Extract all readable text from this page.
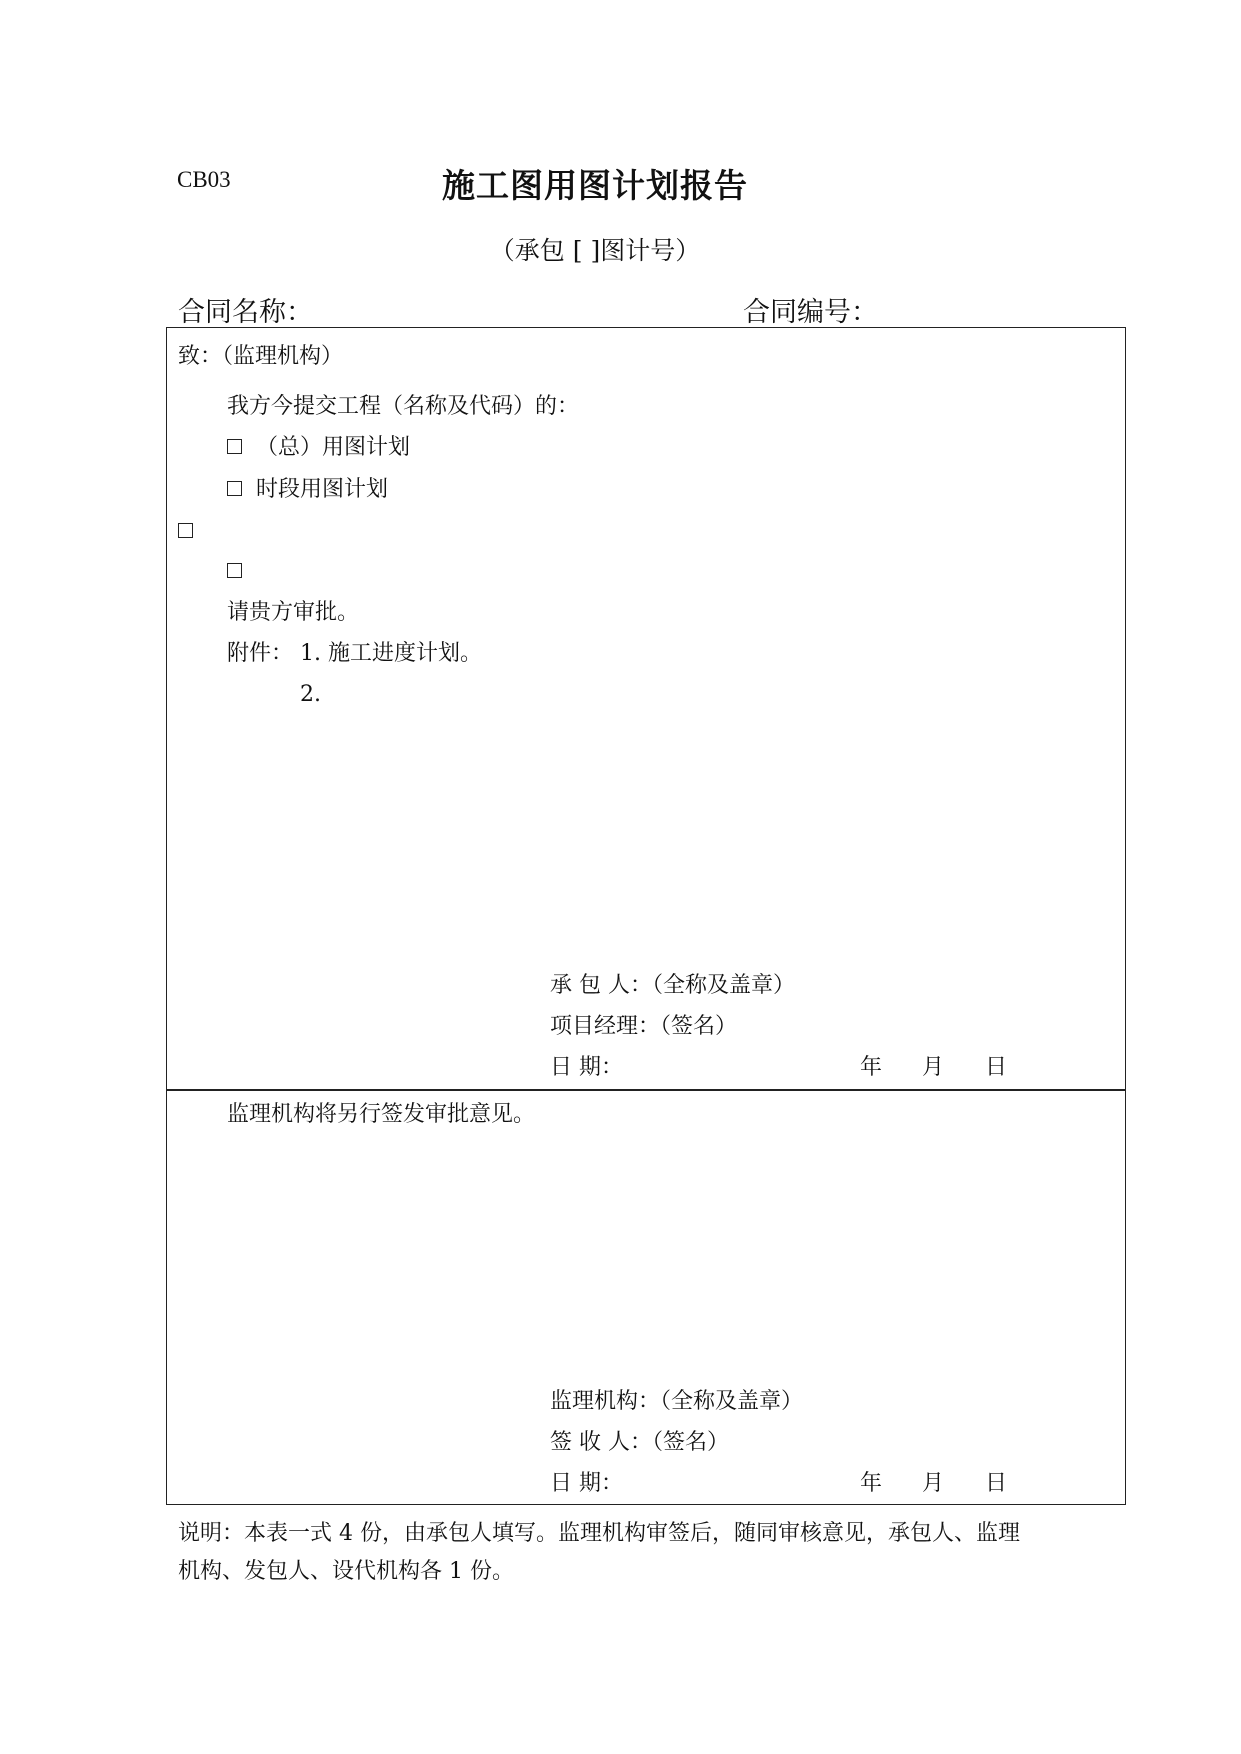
CB03	施工图用图计划报告
（承包 [ ]图计号）
合同名称：	合同编号：
致：（监理机构）
我方今提交工程（名称及代码）的：
（总）用图计划
时段用图计划
请贵方审批。
附件： 1. 施工进度计划。
2.
承 包 人：（全称及盖章）
项目经理：（签名）
日 期：	年 月 日
监理机构将另行签发审批意见。
监理机构：（全称及盖章）
签 收 人：（签名）
日 期：	年 月 日
说明：本表一式 4 份，由承包人填写。监理机构审签后，随同审核意见，承包人、监理
机构、发包人、设代机构各 1 份。
